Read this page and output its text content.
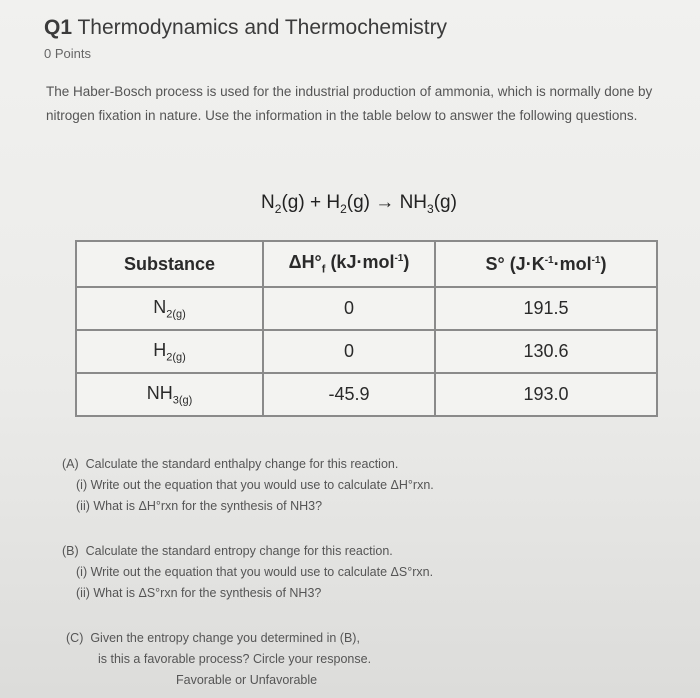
Q1 Thermodynamics and Thermochemistry
0 Points
The Haber-Bosch process is used for the industrial production of ammonia, which is normally done by nitrogen fixation in nature. Use the information in the table below to answer the following questions.
$N_2(g) + H_2(g) \to NH_3(g)$
Substance	$\Delta H^\circ_f$ (kJ·mol$^{-1}$)	S° $(J\cdot K^{-1}\cdot mol^{-1})$
$N_{2(g)}$	0	191.5
$H_{2(g)}$	0	130.6
$NH_{3(g)}$	-45.9	193.0
(A) Calculate the standard enthalpy change for this reaction.
(i) Write out the equation that you would use to calculate ΔH°rxn.
(ii) What is ΔH°rxn for the synthesis of NH3?
(B) Calculate the standard entropy change for this reaction.
(i) Write out the equation that you would use to calculate ΔS°rxn.
(ii) What is ΔS°rxn for the synthesis of NH3?
(C) Given the entropy change you determined in (B),
is this a favorable process? Circle your response.
Favorable or Unfavorable
